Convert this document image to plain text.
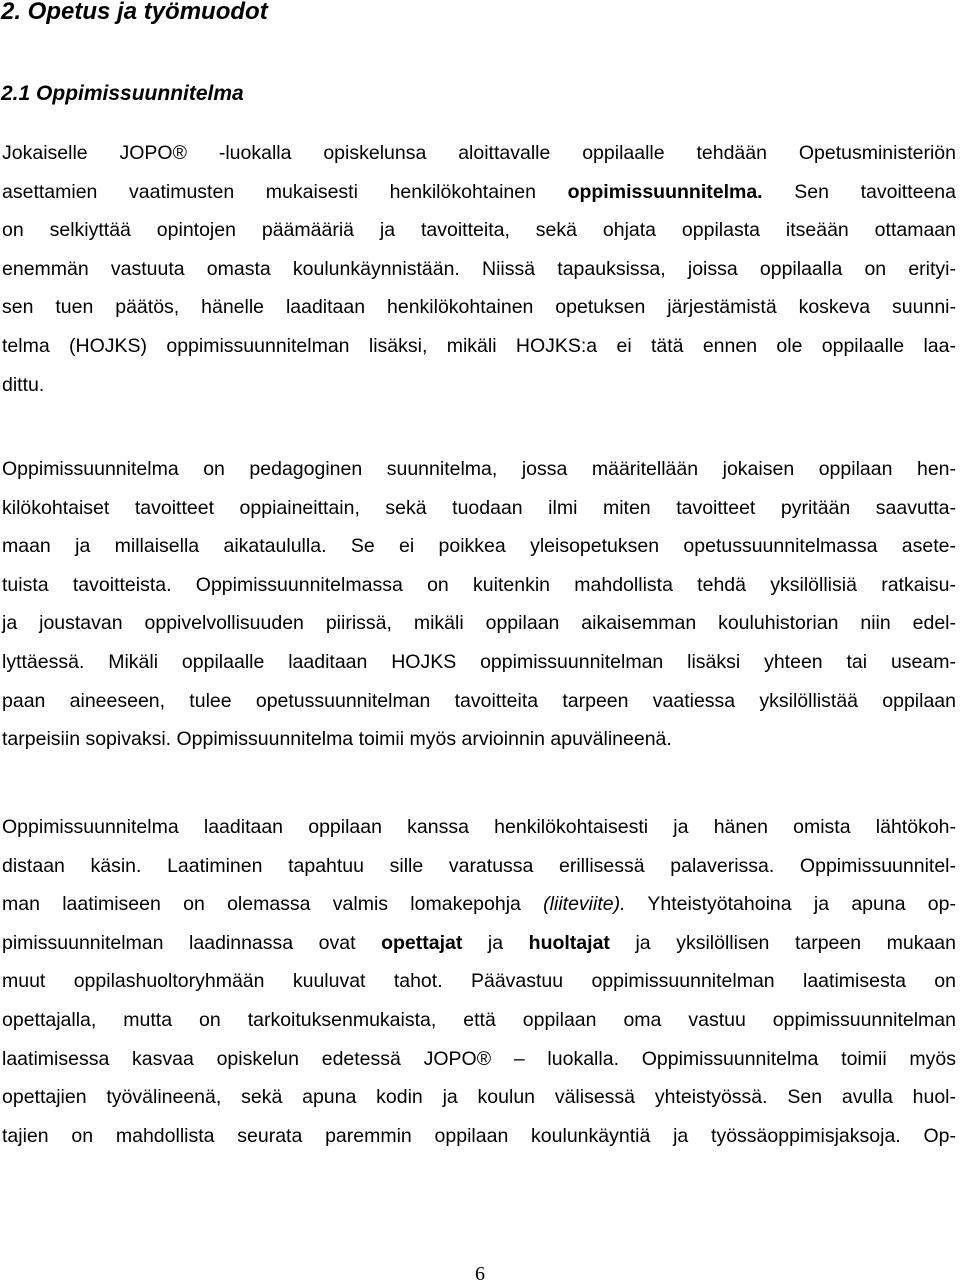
2. Opetus ja työmuodot
2.1 Oppimissuunnitelma
Jokaiselle JOPO® -luokalla opiskelunsa aloittavalle oppilaalle tehdään Opetusministeriön
asettamien vaatimusten mukaisesti henkilökohtainen oppimissuunnitelma. Sen tavoitteena
on selkiyttää opintojen päämääriä ja tavoitteita, sekä ohjata oppilasta itseään ottamaan
enemmän vastuuta omasta koulunkäynnistään. Niissä tapauksissa, joissa oppilaalla on erityi-
sen tuen päätös, hänelle laaditaan henkilökohtainen opetuksen järjestämistä koskeva suunni-
telma (HOJKS) oppimissuunnitelman lisäksi, mikäli HOJKS:a ei tätä ennen ole oppilaalle laa-
dittu.
Oppimissuunnitelma on pedagoginen suunnitelma, jossa määritellään jokaisen oppilaan hen-
kilökohtaiset tavoitteet oppiaineittain, sekä tuodaan ilmi miten tavoitteet pyritään saavutta-
maan ja millaisella aikataululla. Se ei poikkea yleisopetuksen opetussuunnitelmassa asete-
tuista tavoitteista. Oppimissuunnitelmassa on kuitenkin mahdollista tehdä yksilöllisiä ratkaisu-
ja joustavan oppivelvollisuuden piirissä, mikäli oppilaan aikaisemman kouluhistorian niin edel-
lyttäessä. Mikäli oppilaalle laaditaan HOJKS oppimissuunnitelman lisäksi yhteen tai useam-
paan aineeseen, tulee opetussuunnitelman tavoitteita tarpeen vaatiessa yksilöllistää oppilaan
tarpeisiin sopivaksi. Oppimissuunnitelma toimii myös arvioinnin apuvälineenä.
Oppimissuunnitelma laaditaan oppilaan kanssa henkilökohtaisesti ja hänen omista lähtökoh-
distaan käsin. Laatiminen tapahtuu sille varatussa erillisessä palaverissa. Oppimissuunnitel-
man laatimiseen on olemassa valmis lomakepohja (liiteviite). Yhteistyötahoina ja apuna op-
pimissuunnitelman laadinnassa ovat opettajat ja huoltajat ja yksilöllisen tarpeen mukaan
muut oppilashuoltoryhmään kuuluvat tahot. Päävastuu oppimissuunnitelman laatimisesta on
opettajalla, mutta on tarkoituksenmukaista, että oppilaan oma vastuu oppimissuunnitelman
laatimisessa kasvaa opiskelun edetessä JOPO® – luokalla. Oppimissuunnitelma toimii myös
opettajien työvälineenä, sekä apuna kodin ja koulun välisessä yhteistyössä. Sen avulla huol-
tajien on mahdollista seurata paremmin oppilaan koulunkäyntiä ja työssäoppimisjaksoja. Op-
6
